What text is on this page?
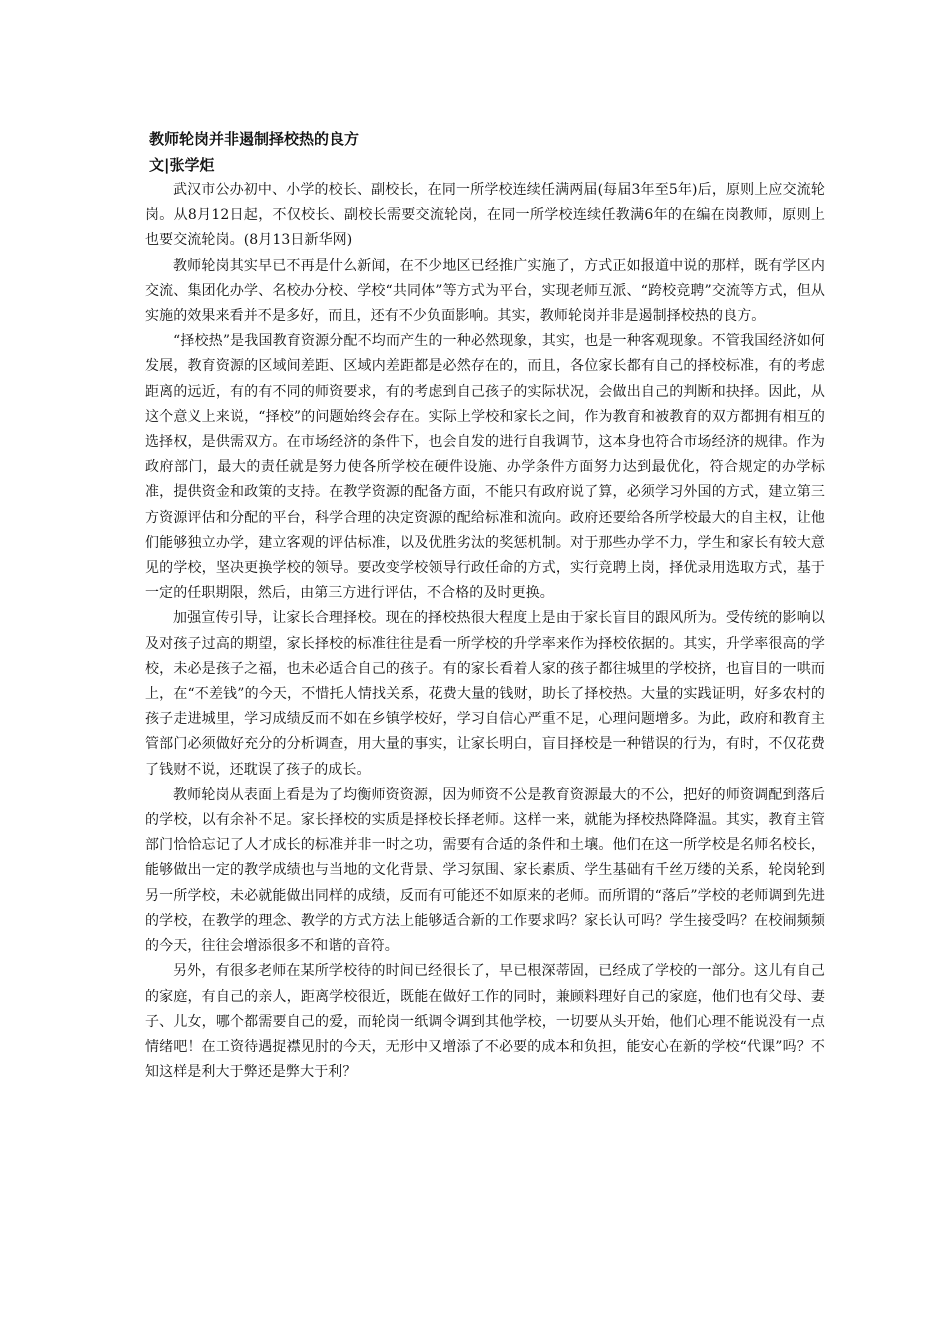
教师轮岗并非遏制择校热的良方
文|张学炬

武汉市公办初中、小学的校长、副校长，在同一所学校连续任满两届(每届3年至5年)后，原则上应交流轮岗。从8月12日起，不仅校长、副校长需要交流轮岗，在同一所学校连续任教满6年的在编在岗教师，原则上也要交流轮岗。(8月13日新华网)

教师轮岗其实早已不再是什么新闻，在不少地区已经推广实施了，方式正如报道中说的那样，既有学区内交流、集团化办学、名校办分校、学校“共同体”等方式为平台，实现老师互派、“跨校竞聘”交流等方式，但从实施的效果来看并不是多好，而且，还有不少负面影响。其实，教师轮岗并非是遏制择校热的良方。

“择校热”是我国教育资源分配不均而产生的一种必然现象，其实，也是一种客观现象。不管我国经济如何发展，教育资源的区域间差距、区域内差距都是必然存在的，而且，各位家长都有自己的择校标准，有的考虑距离的远近，有的有不同的师资要求，有的考虑到自己孩子的实际状况，会做出自己的判断和抉择。因此，从这个意义上来说，“择校”的问题始终会存在。实际上学校和家长之间，作为教育和被教育的双方都拥有相互的选择权，是供需双方。在市场经济的条件下，也会自发的进行自我调节，这本身也符合市场经济的规律。作为政府部门，最大的责任就是努力使各所学校在硬件设施、办学条件方面努力达到最优化，符合规定的办学标准，提供资金和政策的支持。在教学资源的配备方面，不能只有政府说了算，必须学习外国的方式，建立第三方资源评估和分配的平台，科学合理的决定资源的配给标准和流向。政府还要给各所学校最大的自主权，让他们能够独立办学，建立客观的评估标准，以及优胜劣汰的奖惩机制。对于那些办学不力，学生和家长有较大意见的学校，坚决更换学校的领导。要改变学校领导行政任命的方式，实行竞聘上岗，择优录用选取方式，基于一定的任职期限，然后，由第三方进行评估，不合格的及时更换。

加强宣传引导，让家长合理择校。现在的择校热很大程度上是由于家长盲目的跟风所为。受传统的影响以及对孩子过高的期望，家长择校的标准往往是看一所学校的升学率来作为择校依据的。其实，升学率很高的学校，未必是孩子之福，也未必适合自己的孩子。有的家长看着人家的孩子都往城里的学校挤，也盲目的一哄而上，在“不差钱”的今天，不惜托人情找关系，花费大量的钱财，助长了择校热。大量的实践证明，好多农村的孩子走进城里，学习成绩反而不如在乡镇学校好，学习自信心严重不足，心理问题增多。为此，政府和教育主管部门必须做好充分的分析调查，用大量的事实，让家长明白，盲目择校是一种错误的行为，有时，不仅花费了钱财不说，还耽误了孩子的成长。

教师轮岗从表面上看是为了均衡师资资源，因为师资不公是教育资源最大的不公，把好的师资调配到落后的学校，以有余补不足。家长择校的实质是择校长择老师。这样一来，就能为择校热降降温。其实，教育主管部门恰恰忘记了人才成长的标准并非一时之功，需要有合适的条件和土壤。他们在这一所学校是名师名校长，能够做出一定的教学成绩也与当地的文化背景、学习氛围、家长素质、学生基础有千丝万缕的关系，轮岗轮到另一所学校，未必就能做出同样的成绩，反而有可能还不如原来的老师。而所谓的“落后”学校的老师调到先进的学校，在教学的理念、教学的方式方法上能够适合新的工作要求吗？家长认可吗？学生接受吗？在校闹频频的今天，往往会增添很多不和谐的音符。

另外，有很多老师在某所学校待的时间已经很长了，早已根深蒂固，已经成了学校的一部分。这儿有自己的家庭，有自己的亲人，距离学校很近，既能在做好工作的同时，兼顾料理好自己的家庭，他们也有父母、妻子、儿女，哪个都需要自己的爱，而轮岗一纸调令调到其他学校，一切要从头开始，他们心理不能说没有一点情绪吧！在工资待遇捉襟见肘的今天，无形中又增添了不必要的成本和负担，能安心在新的学校“代课”吗？不知这样是利大于弊还是弊大于利？
